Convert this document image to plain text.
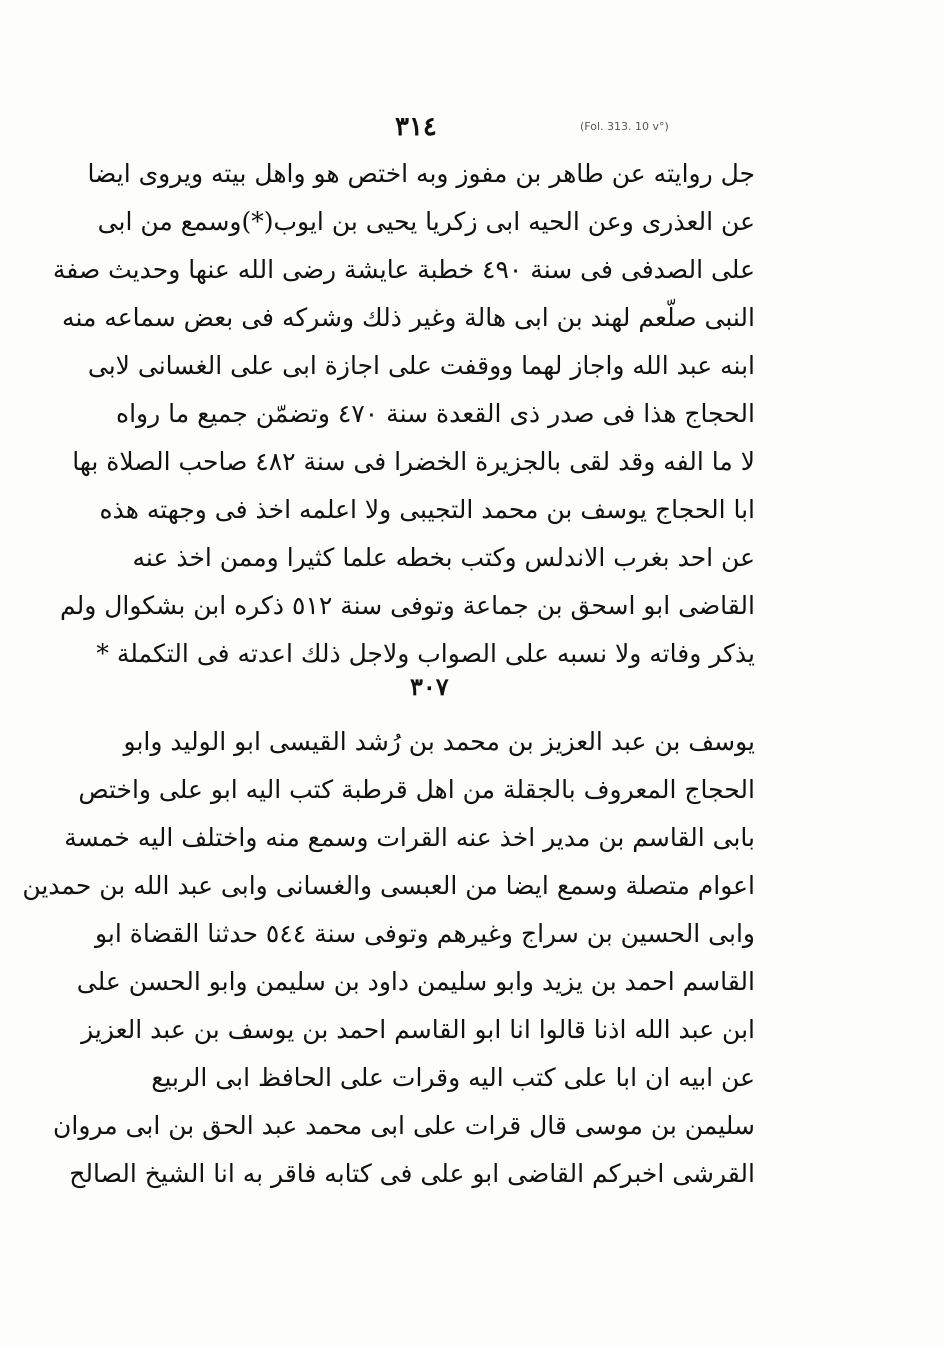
٣١٤	(Fol. 313. 10 v°)
جل روايته عن طاهر بن مفوز وبه اختص هو واهل بيته ويروى ايضا
عن العذرى وعن الحيه ابى زكريا يحيى بن ايوب(*)وسمع من ابى
على الصدفى فى سنة ٤٩٠ خطبة عايشة رضى الله عنها وحديث صفة
النبى صلّعم لهند بن ابى هالة وغير ذلك وشركه فى بعض سماعه منه
ابنه عبد الله واجاز لهما ووقفت على اجازة ابى على الغسانى لابى
الحجاج هذا فى صدر ذى القعدة سنة ٤٧٠ وتضمّن جميع ما رواه
لا ما الفه وقد لقى بالجزيرة الخضرا فى سنة ٤٨٢ صاحب الصلاة بها
ابا الحجاج يوسف بن محمد التجيبى ولا اعلمه اخذ فى وجهته هذه
عن احد بغرب الاندلس وكتب بخطه علما كثيرا وممن اخذ عنه
القاضى ابو اسحق بن جماعة وتوفى سنة ٥١٢ ذكره ابن بشكوال ولم
يذكر وفاته ولا نسبه على الصواب ولاجل ذلك اعدته فى التكملة *
٣٠٧
يوسف بن عبد العزيز بن محمد بن رُشد القيسى ابو الوليد وابو
الحجاج المعروف بالجقلة من اهل قرطبة كتب اليه ابو على واختص
بابى القاسم بن مدير اخذ عنه القرات وسمع منه واختلف اليه خمسة
اعوام متصلة وسمع ايضا من العبسى والغسانى وابى عبد الله بن حمدين
وابى الحسين بن سراج وغيرهم وتوفى سنة ٥٤٤ حدثنا القضاة ابو
القاسم احمد بن يزيد وابو سليمن داود بن سليمن وابو الحسن على
ابن عبد الله اذنا قالوا انا ابو القاسم احمد بن يوسف بن عبد العزيز
عن ابيه ان ابا على كتب اليه وقرات على الحافظ ابى الربيع
سليمن بن موسى قال قرات على ابى محمد عبد الحق بن ابى مروان
القرشى اخبركم القاضى ابو على فى كتابه فاقر به انا الشيخ الصالح
